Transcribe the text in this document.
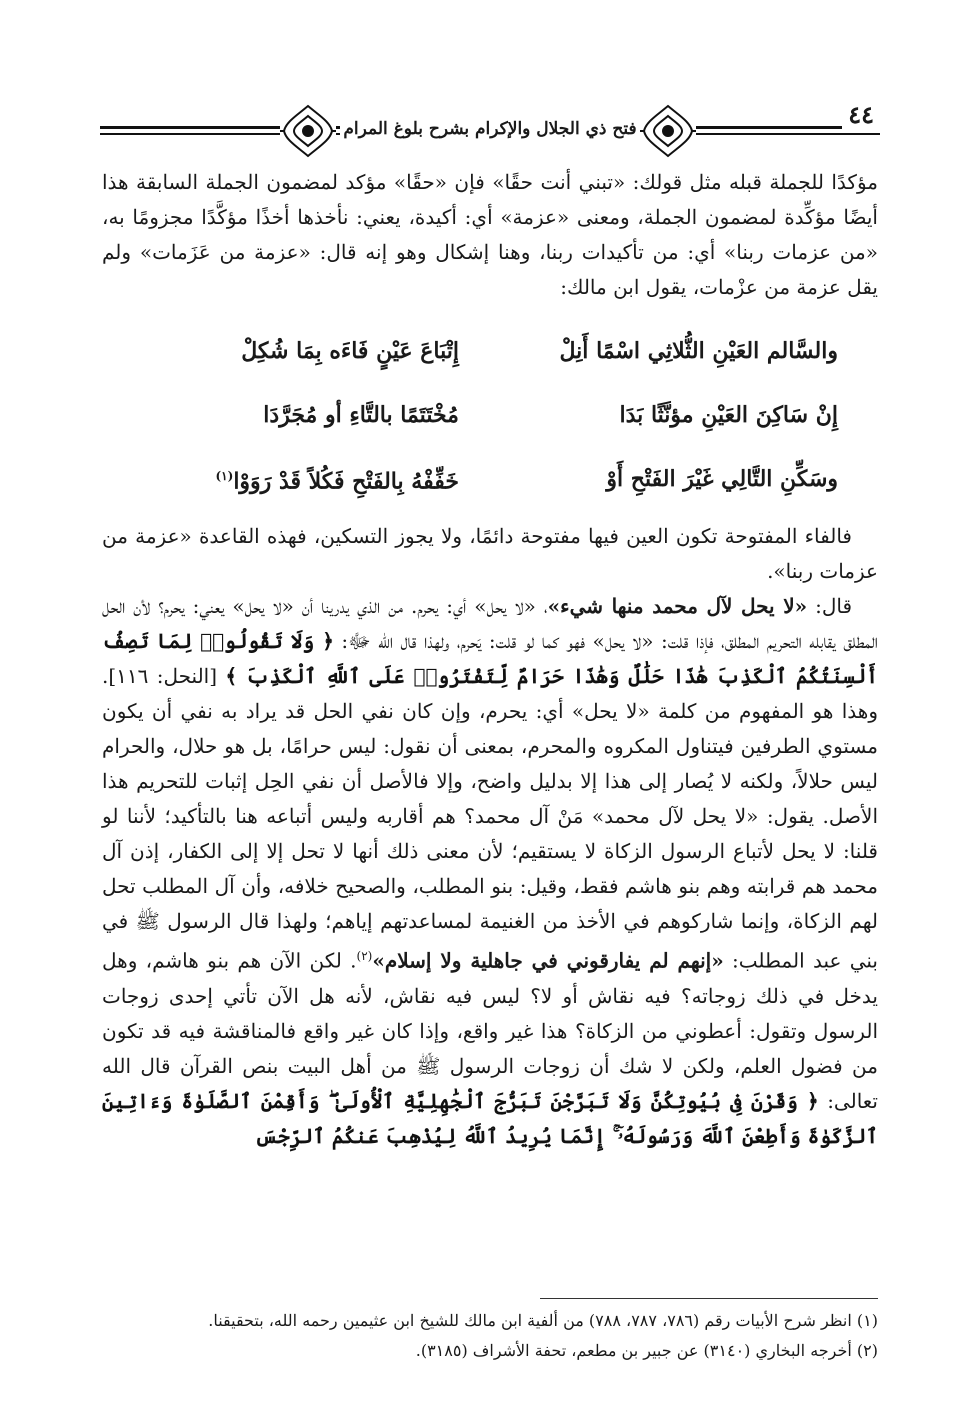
فتح ذي الجلال والإكرام بشرح بلوغ المرام	٤٤

مؤكدًا للجملة قبله مثل قولك: «تبني أنت حقًا» فإن «حقًا» مؤكد لمضمون الجملة السابقة هذا أيضًا مؤكِّدة لمضمون الجملة، ومعنى «عزمة» أي: أكيدة، يعني: نأخذها أخذًا مؤكَّدًا مجزومًا به، «من عزمات ربنا» أي: من تأكيدات ربنا، وهنا إشكال وهو إنه قال: «عزمة من عَزَمات» ولم يقل عزمة من عزْمات، يقول ابن مالك:

والسَّالم العَيْنِ الثُّلاثِي اسْمًا أَنِلْ
إِتْبَاعَ عَيْنٍ فَاءَه بِمَا شُكِلْ
إِنْ سَاكِنَ العَيْنِ مؤنَّثًا بَدَا
مُخْتَتَمًا بالتَّاءِ أو مُجَرَّدَا
وسَكِّنِ التَّالِي غَيْرَ الفَتْحِ أَوْ
خَفِّفْهُ بِالفَتْحِ فَكُلاً قَدْ رَوَوْا$^{(١)}$

فالفاء المفتوحة تكون العين فيها مفتوحة دائمًا، ولا يجوز التسكين، فهذه القاعدة «عزمة من عزمات ربنا».

قال: «لا يحل لآل محمد منها شيء»، «لا يحل» أي: يحرم. من الذي يدرينا أن «لا يحل» يعني: يحرم؟ لأن الحل المطلق يقابله التحريم المطلق، فإذا قلت: «لا يحل» فهو كما لو قلت: يَحرم، ولهذا قال الله ﷻ: ﴿ وَلَا تَقُولُوا۟ لِمَا تَصِفُ أَلْسِنَتُكُمُ ٱلْكَذِبَ هَٰذَا حَلَٰلٌ وَهَٰذَا حَرَامٌ لِّتَفْتَرُوا۟ عَلَى ٱللَّهِ ٱلْكَذِبَ ﴾ [النحل: ١١٦]. وهذا هو المفهوم من كلمة «لا يحل» أي: يحرم، وإن كان نفي الحل قد يراد به نفي أن يكون مستوي الطرفين فيتناول المكروه والمحرم، بمعنى أن نقول: ليس حرامًا، بل هو حلال، والحرام ليس حلالاً، ولكنه لا يُصار إلى هذا إلا بدليل واضح، وإلا فالأصل أن نفي الحِل إثبات للتحريم هذا الأصل. يقول: «لا يحل لآل محمد» مَنْ آل محمد؟ هم أقاربه وليس أتباعه هنا بالتأكيد؛ لأننا لو قلنا: لا يحل لأتباع الرسول الزكاة لا يستقيم؛ لأن معنى ذلك أنها لا تحل إلا إلى الكفار، إذن آل محمد هم قرابته وهم بنو هاشم فقط، وقيل: بنو المطلب، والصحيح خلافه، وأن آل المطلب تحل لهم الزكاة، وإنما شاركوهم في الأخذ من الغنيمة لمساعدتهم إياهم؛ ولهذا قال الرسول ﷺ في بني عبد المطلب: «إنهم لم يفارقوني في جاهلية ولا إسلام»$^{(٢)}$. لكن الآن هم بنو هاشم، وهل يدخل في ذلك زوجاته؟ فيه نقاش أو لا؟ ليس فيه نقاش، لأنه هل الآن تأتي إحدى زوجات الرسول وتقول: أعطوني من الزكاة؟ هذا غير واقع، وإذا كان غير واقع فالمناقشة فيه قد تكون من فضول العلم، ولكن لا شك أن زوجات الرسول ﷺ من أهل البيت بنص القرآن قال الله تعالى: ﴿ وَقَرْنَ فِى بُيُوتِكُنَّ وَلَا تَبَرَّجْنَ تَبَرُّجَ ٱلْجَٰهِلِيَّةِ ٱلْأُولَىٰ ۖ وَأَقِمْنَ ٱلصَّلَوٰةَ وَءَاتِينَ ٱلزَّكَوٰةَ وَأَطِعْنَ ٱللَّهَ وَرَسُولَهُۥٓ ۚ إِنَّمَا يُرِيدُ ٱللَّهُ لِيُذْهِبَ عَنكُمُ ٱلرِّجْسَ

(١) انظر شرح الأبيات رقم (٧٨٦، ٧٨٧، ٧٨٨) من ألفية ابن مالك للشيخ ابن عثيمين رحمه الله، بتحقيقنا.

(٢) أخرجه البخاري (٣١٤٠) عن جبير بن مطعم، تحفة الأشراف (٣١٨٥).
